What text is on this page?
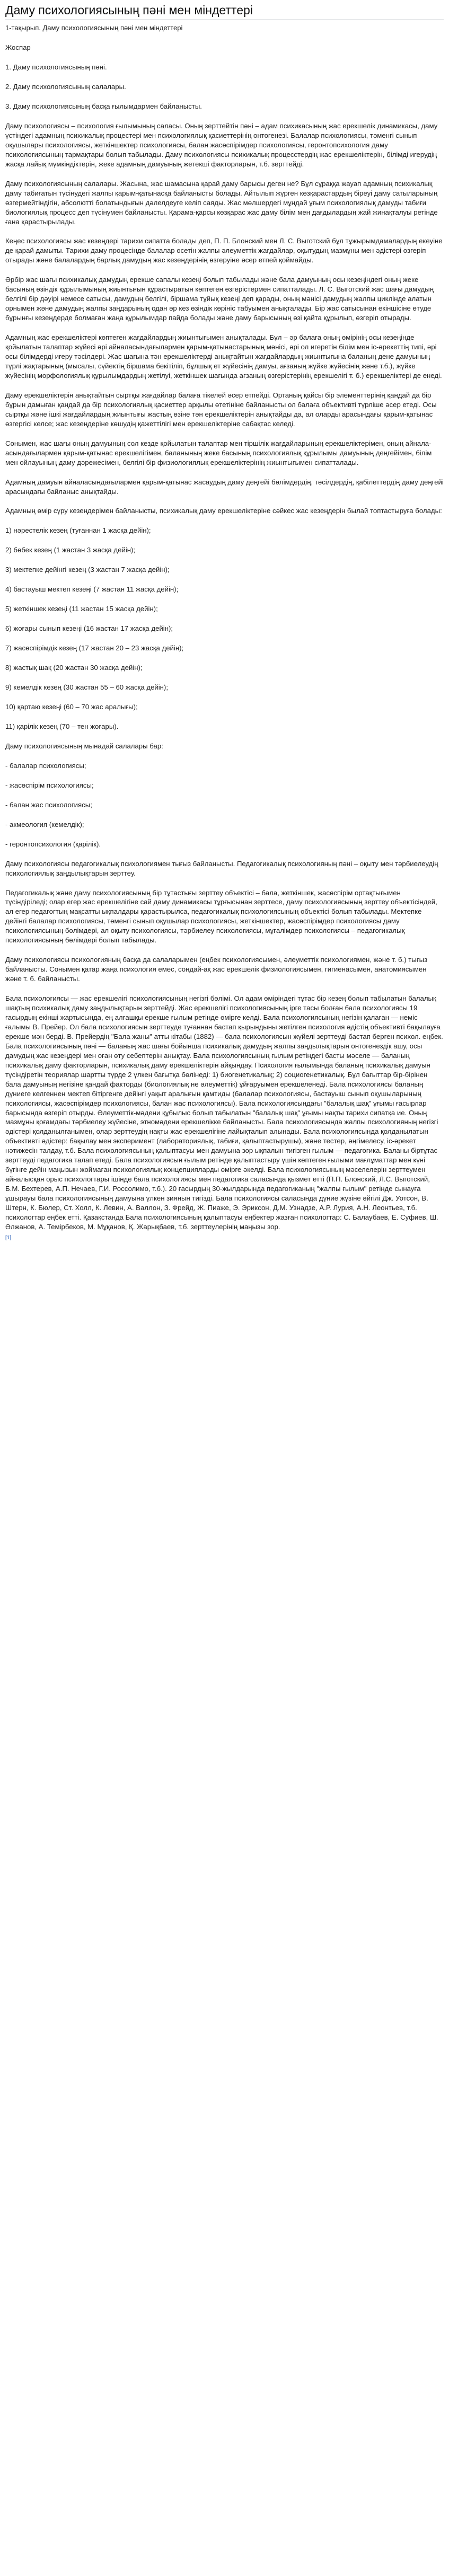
Даму психологиясының пәні мен міндеттері
1-тақырып. Даму психологиясының пәні мен міндеттері

Жоспар

1. Даму психологиясының пәні.

2. Даму психологиясының салалары.

3. Даму психологиясының басқа ғылымдармен байланысты.

Даму психологиясы – психология ғылымының саласы. Оның зерттейтін пәні – адам психикасының жас ерекшелік динамикасы, даму үстіндегі адамның психикалық процестері мен психологиялық қасиеттерінің онтогенезі. Балалар психологиясы, тәменгі сынып оқушылары психологиясы, жеткіншектер психологиясы, балан жасөспірімдер психологиясы, геронтопсихология даму психологиясының тармақтары болып табылады. Даму психологиясы психикалық процесстердің жас ерекшеліктерін, білімді игерудің жасқа лайық мүмкіндіктерін, жеке адамның дамуының жетекші факторларын, т.б. зерттейді.

Даму психологиясының салалары. Жасына, жас шамасына қарай даму барысы деген не? Бұл сұраққа жауап адамның психикалық даму табиғатын түсінудегі жалпы қарым-қатынасқа байланысты болады. Айтылып жүрген көзқарастардың біреуі даму сатыларының өзгермейтіндігін, абсолютті болатындығын дәлелдеуге келіп саяды. Жас мөлшердегі мұндай ұғым психологиялық дамуды табиғи биологиялық процесс деп түсінумен байланысты. Қарама-қарсы көзқарас жас даму білім мен дағдылардың жай жинақталуы ретінде ғана қарастырылады.

Кеңес психологиясы жас кезеңдері тарихи сипатта болады деп, П. П. Блонский мен Л. С. Выготский бұл тұжырымдамалардың екеуіне де қарай дамыты. Тарихи даму процесінде балалар өсетін жалпы әлеуметтік жағдайлар, оқытудың мазмұны мен әдістері өзгеріп отырады және балалардың барлық дамудың жас кезеңдерінің өзгеруіне әсер етпей қоймайды.

Әрбір жас шағы психикалық дамудың ерекше сапалы кезеңі болып табылады және бала дамуының осы кезеңіндегі оның жеке басының өзіндік құрылымының жиынтығын құрастыратын көптеген өзгерістермен сипатталады. Л. С. Выготский жас шағы дамудың белгілі бір дәуірі немесе сатысы, дамудың белгілі, біршама тұйық кезеңі деп қарады, оның мәнісі дамудың жалпы циклінде алатын орнымен және дамудың жалпы заңдарының одан әр кез өзіндік көрініс табуымен анықталады. Бір жас сатысынан екіншісіне өтуде бұрынғы кезеңдерде болмаған жаңа құрылымдар пайда болады және даму барысының өзі қайта құрылып, өзгеріп отырады.

Адамның жас ерекшеліктері көптеген жағдайлардың жиынтығымен анықталады. Бұл – әр балаға оның өмірінің осы кезеңінде қойылатын талаптар жүйесі әрі айналасындағылармен қарым-қатынастарының мәнісі, әрі ол игеретін білім мен іс-әрекеттің типі, әрі осы білімдерді игеру тәсілдері. Жас шағына тән ерекшеліктерді анықтайтын жағдайлардың жиынтығына баланың дене дамуының түрлі жақтарының (мысалы, сүйектің біршама бекітіліп, бұлшық ет жүйесінің дамуы, ағзаның жүйке жүйесінің және т.б.), жүйке жүйесінің морфологиялық құрылымдардың жетілуі, жеткіншек шағында ағзаның өзгерістерінің ерекшелігі т. б.) ерекшеліктері де енеді.

Даму ерекшеліктерін анықтайтын сыртқы жағдайлар балаға тікелей әсер етпейді. Ортаның қайсы бір элементтерінің қандай да бір бұрын дамыған қандай да бір психологиялық қасиеттер арқылы өтетініне байланысты ол балаға объективті түрліше әсер етеді. Осы сыртқы және ішкі жағдайлардың жиынтығы жастың өзіне тән ерекшеліктерін анықтайды да, ал оларды арасындағы қарым-қатынас өзгергісі келсе; жас кезеңдеріне көшудің қажеттілігі мен ерекшеліктеріне сабақтас келеді.

Сонымен, жас шағы оның дамуының сол кезде қойылатын талаптар мен тіршілік жағдайларының ерекшеліктерімен, оның айнала- асындағылармен қарым-қатынас ерекшелігімен, баланының жеке басының психологиялық құрылымы дамуының деңгейімен, білім мен ойлауының даму дәрежесімен, белгілі бір физиологиялық ерекшеліктерінің жиынтығымен сипатталады.

Адамның дамуын айналасындағылармен қарым-қатынас жасаудың даму деңгейі бөлімдердің, тәсілдердің, қабілеттердің даму деңгейі арасындағы байланыс анықтайды.

Адамның өмір сүру кезеңдерімен байланысты, психикалық даму ерекшеліктеріне сәйкес жас кезеңдерін былай топтастыруға болады:

1) нәрестелік кезең (туғаннан 1 жасқа дейін);

2) бөбек кезең (1 жастан 3 жасқа дейін);

3) мектепке дейінгі кезең (3 жастан 7 жасқа дейін);

4) бастауыш мектеп кезеңі (7 жастан 11 жасқа дейін);

5) жеткіншек кезеңі (11 жастан 15 жасқа дейін);

6) жоғары сынып кезеңі (16 жастан 17 жасқа дейін);

7) жасөспірімдік кезең (17 жастан 20 – 23 жасқа дейін);

8) жастық шақ (20 жастан 30 жасқа дейін);

9) кемелдік кезең (30 жастан 55 – 60 жасқа дейін);

10) қартаю кезеңі (60 – 70 жас аралығы);

11) қарілік кезең (70 – тен жоғары).

Даму психологиясының мынадай салалары бар:

- балалар психологиясы;

- жасөспірім психологиясы;

- балан жас психологиясы;

- акмеология (кемелдік);

- геронтопсихология (қарілік).

Даму психологиясы педагогикалық психологиямен тығыз байланысты. Педагогикалық психологияның пәні – оқыту мен тәрбиелеудің психологиялық заңдылықтарын зерттеу.

Педагогикалық және даму психологиясының бір тұтастығы зерттеу объектісі – бала, жеткіншек, жасөспірім ортақтығымен түсіндіріледі; олар егер жас ерекшелігіне сай даму динамикасы тұрғысынан зерттесе, даму психологиясының зерттеу объектісіндей, ал егер педагогтың мақсатты ықпалдары қарастырылса, педагогикалық психологиясының объектісі болып табылады. Мектепке дейінгі балалар психологиясы, төменгі сынып оқушылар психологиясы, жеткіншектер, жасөспірімдер психологиясы даму психологиясының бөлімдері, ал оқыту психологиясы, тәрбиелеу психологиясы, мұғалімдер психологиясы – педагогикалық психологиясының бөлімдері болып табылады.

Даму психологиясы психологияның басқа да салаларымен (еңбек психологиясымен, әлеуметтік психологиямен, және т. б.) тығыз байланысты. Сонымен қатар жаңа психология емес, сондай-ақ жас ерекшелік физиологиясымен, гигиенасымен, анатомиясымен және т. б. байланысты.

Бала психологиясы — жас ерекшелігі психологиясының негізгі бөлімі. Ол адам өміріндегі тұтас бір кезең болып табылатын балалық шақтың психикалық даму заңдылықтарын зерттейді. Жас ерекшелігі психологиясының ірге тасы болған бала психологиясы 19 ғасырдың екінші жартысында, ең алғашқы ерекше ғылым ретінде өмірге келді. Бала психологиясының негізін қалаған — неміс ғалымы В. Прейер. Ол бала психологиясын зерттеуде туғаннан бастап қырындыны жетілген психология әдістің объективті бақылауға ерекше мән берді. В. Прейердің "Бала жаны" атты кітабы (1882) — бала психологиясын жүйелі зерттеуді бастап берген психол. еңбек. Бала психологиясының пәні — баланың жас шағы бойынша психикалық дамудың жалпы заңдылықтарын онтогенездік ашу, осы дамудың жас кезеңдері мен оған өту себептерін анықтау. Бала психологиясының ғылым ретіндегі басты мәселе — баланың психикалық даму факторларын, психикалық даму ерекшеліктерін айқындау. Психология ғылымында баланың психикалық дамуын түсіндіретін теориялар шартты түрде 2 үлкен бағытқа бөлінеді: 1) биогенетикалық; 2) социогенетикалық. Бұл бағыттар бір-бірінен бала дамуының негізіне қандай факторды (биологиялық не әлеуметтік) ұйғаруымен ерекшеленеді. Бала психологиясы баланың дүниеге келгеннен мектеп бітіргенге дейінгі уақыт аралығын қамтиды (балалар психологиясы, бастауыш сынып оқушыларының психологиясы, жасөспірімдер психологиясы, балан жас психологиясы). Бала психологиясындағы "балалық шақ" ұғымы ғасырлар барысында өзгеріп отырды. Әлеуметтік-мәдени құбылыс болып табылатын "балалық шақ" ұғымы нақты тарихи сипатқа ие. Оның мазмұны қоғамдағы тәрбиелеу жүйесіне, этномәдени ерекшелікке байланысты. Бала психологиясында жалпы психологияның негізгі әдістері қолданылғанымен, олар зерттеудің нақты жас ерекшелігіне лайықталып алынады. Бала психологиясында қолданылатын объективті әдістер: бақылау мен эксперимент (лабораториялық, табиғи, қалыптастырушы), және тестер, әңгімелесу, іс-әрекет нәтижесін талдау, т.б. Бала психологиясының қалыптасуы мен дамуына зор ықпалын тигізген ғылым — педагогика. Баланы біртұтас зерттеуді педагогика талап етеді. Бала психологиясын ғылым ретінде қалыптастыру үшін көптеген ғылыми мағлұматтар мен күні бүгінге дейін маңызын жоймаған психологиялық концепцияларды өмірге әкелді. Бала психологиясының мәселелерін зерттеумен айналысқан орыс психологтары ішінде бала психологиясы мен педагогика саласында қызмет етті (П.П. Блонский, Л.С. Выготский, Б.М. Бехтерев, А.П. Нечаев, Г.И. Россолимо, т.б.). 20 ғасырдың 30-жылдарында педагогиканың "жалпы ғылым" ретінде сынауға ұшырауы бала психологиясының дамуына үлкен зиянын тигізді. Бала психологиясы саласында дүние жүзіне әйгілі Дж. Уотсон, В. Штерн, К. Бюлер, Ст. Холл, К. Левин, А. Валлон, З. Фрейд, Ж. Пиаже, Э. Эриксон, Д.М. Узнадзе, А.Р. Лурия, А.Н. Леонтьев, т.б. психологтар еңбек етті. Қазақстанда Бала психологиясының қалыптасуы еңбектер жазған психологтар: С. Балаубаев, Е. Суфиев, Ш. Әлжанов, А. Темірбеков, М. Мұқанов, Қ. Жарықбаев, т.б. зерттеулерінің маңызы зор.

[1]
